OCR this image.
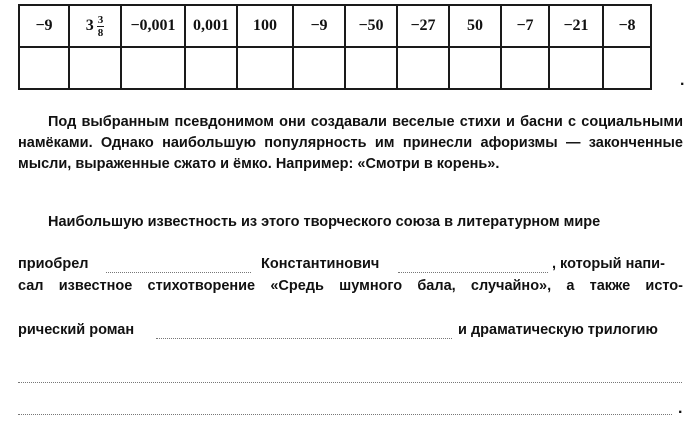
−9	$3 \frac{3}{8}$	−0,001	0,001	100	−9	−50	−27	50	−7	−21	−8

.
Под выбранным псевдонимом они создавали веселые стихи и басни с социальными намёками. Однако наибольшую популярность им принесли афоризмы — законченные мысли, выраженные сжато и ёмко. Например: «Смотри в корень».
Наибольшую известность из этого творческого союза в литературном мире
приобрел	Константинович	, который напи-
сал известное стихотворение «Средь шумного бала, случайно», а также исто-
рический роман	и драматическую трилогию
.
